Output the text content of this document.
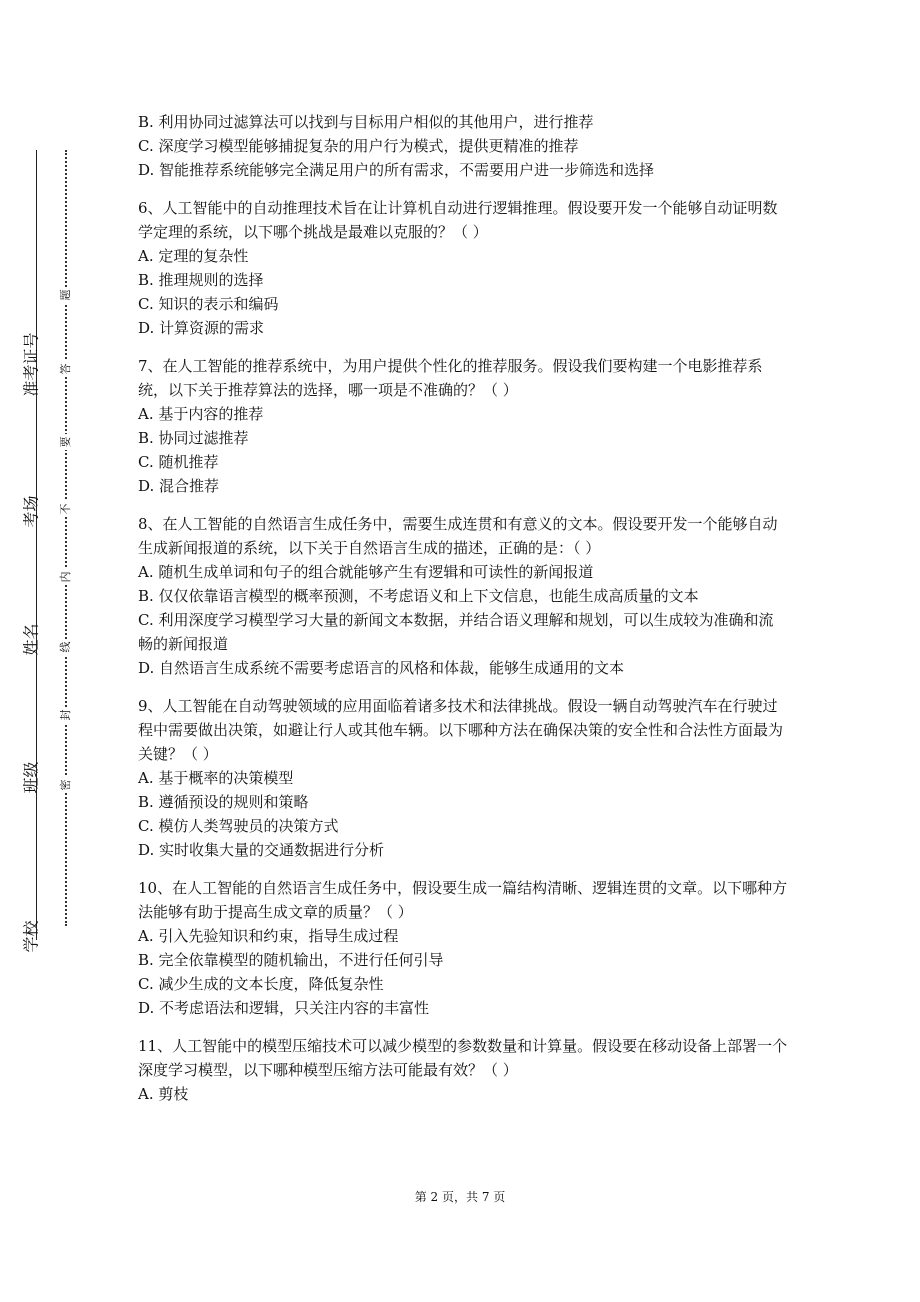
准考证号
考场
姓名
班级
学校
题
答
要
不
内
线
封
密
B. 利用协同过滤算法可以找到与目标用户相似的其他用户，进行推荐
C. 深度学习模型能够捕捉复杂的用户行为模式，提供更精准的推荐
D. 智能推荐系统能够完全满足用户的所有需求，不需要用户进一步筛选和选择
6、人工智能中的自动推理技术旨在让计算机自动进行逻辑推理。假设要开发一个能够自动证明数学定理的系统，以下哪个挑战是最难以克服的？（ ）
A. 定理的复杂性
B. 推理规则的选择
C. 知识的表示和编码
D. 计算资源的需求
7、在人工智能的推荐系统中，为用户提供个性化的推荐服务。假设我们要构建一个电影推荐系统，以下关于推荐算法的选择，哪一项是不准确的？（ ）
A. 基于内容的推荐
B. 协同过滤推荐
C. 随机推荐
D. 混合推荐
8、在人工智能的自然语言生成任务中，需要生成连贯和有意义的文本。假设要开发一个能够自动生成新闻报道的系统，以下关于自然语言生成的描述，正确的是：（ ）
A. 随机生成单词和句子的组合就能够产生有逻辑和可读性的新闻报道
B. 仅仅依靠语言模型的概率预测，不考虑语义和上下文信息，也能生成高质量的文本
C. 利用深度学习模型学习大量的新闻文本数据，并结合语义理解和规划，可以生成较为准确和流畅的新闻报道
D. 自然语言生成系统不需要考虑语言的风格和体裁，能够生成通用的文本
9、人工智能在自动驾驶领域的应用面临着诸多技术和法律挑战。假设一辆自动驾驶汽车在行驶过程中需要做出决策，如避让行人或其他车辆。以下哪种方法在确保决策的安全性和合法性方面最为关键？（ ）
A. 基于概率的决策模型
B. 遵循预设的规则和策略
C. 模仿人类驾驶员的决策方式
D. 实时收集大量的交通数据进行分析
10、在人工智能的自然语言生成任务中，假设要生成一篇结构清晰、逻辑连贯的文章。以下哪种方法能够有助于提高生成文章的质量？（ ）
A. 引入先验知识和约束，指导生成过程
B. 完全依靠模型的随机输出，不进行任何引导
C. 减少生成的文本长度，降低复杂性
D. 不考虑语法和逻辑，只关注内容的丰富性
11、人工智能中的模型压缩技术可以减少模型的参数数量和计算量。假设要在移动设备上部署一个深度学习模型，以下哪种模型压缩方法可能最有效？（ ）
A. 剪枝
第 2 页，共 7 页
